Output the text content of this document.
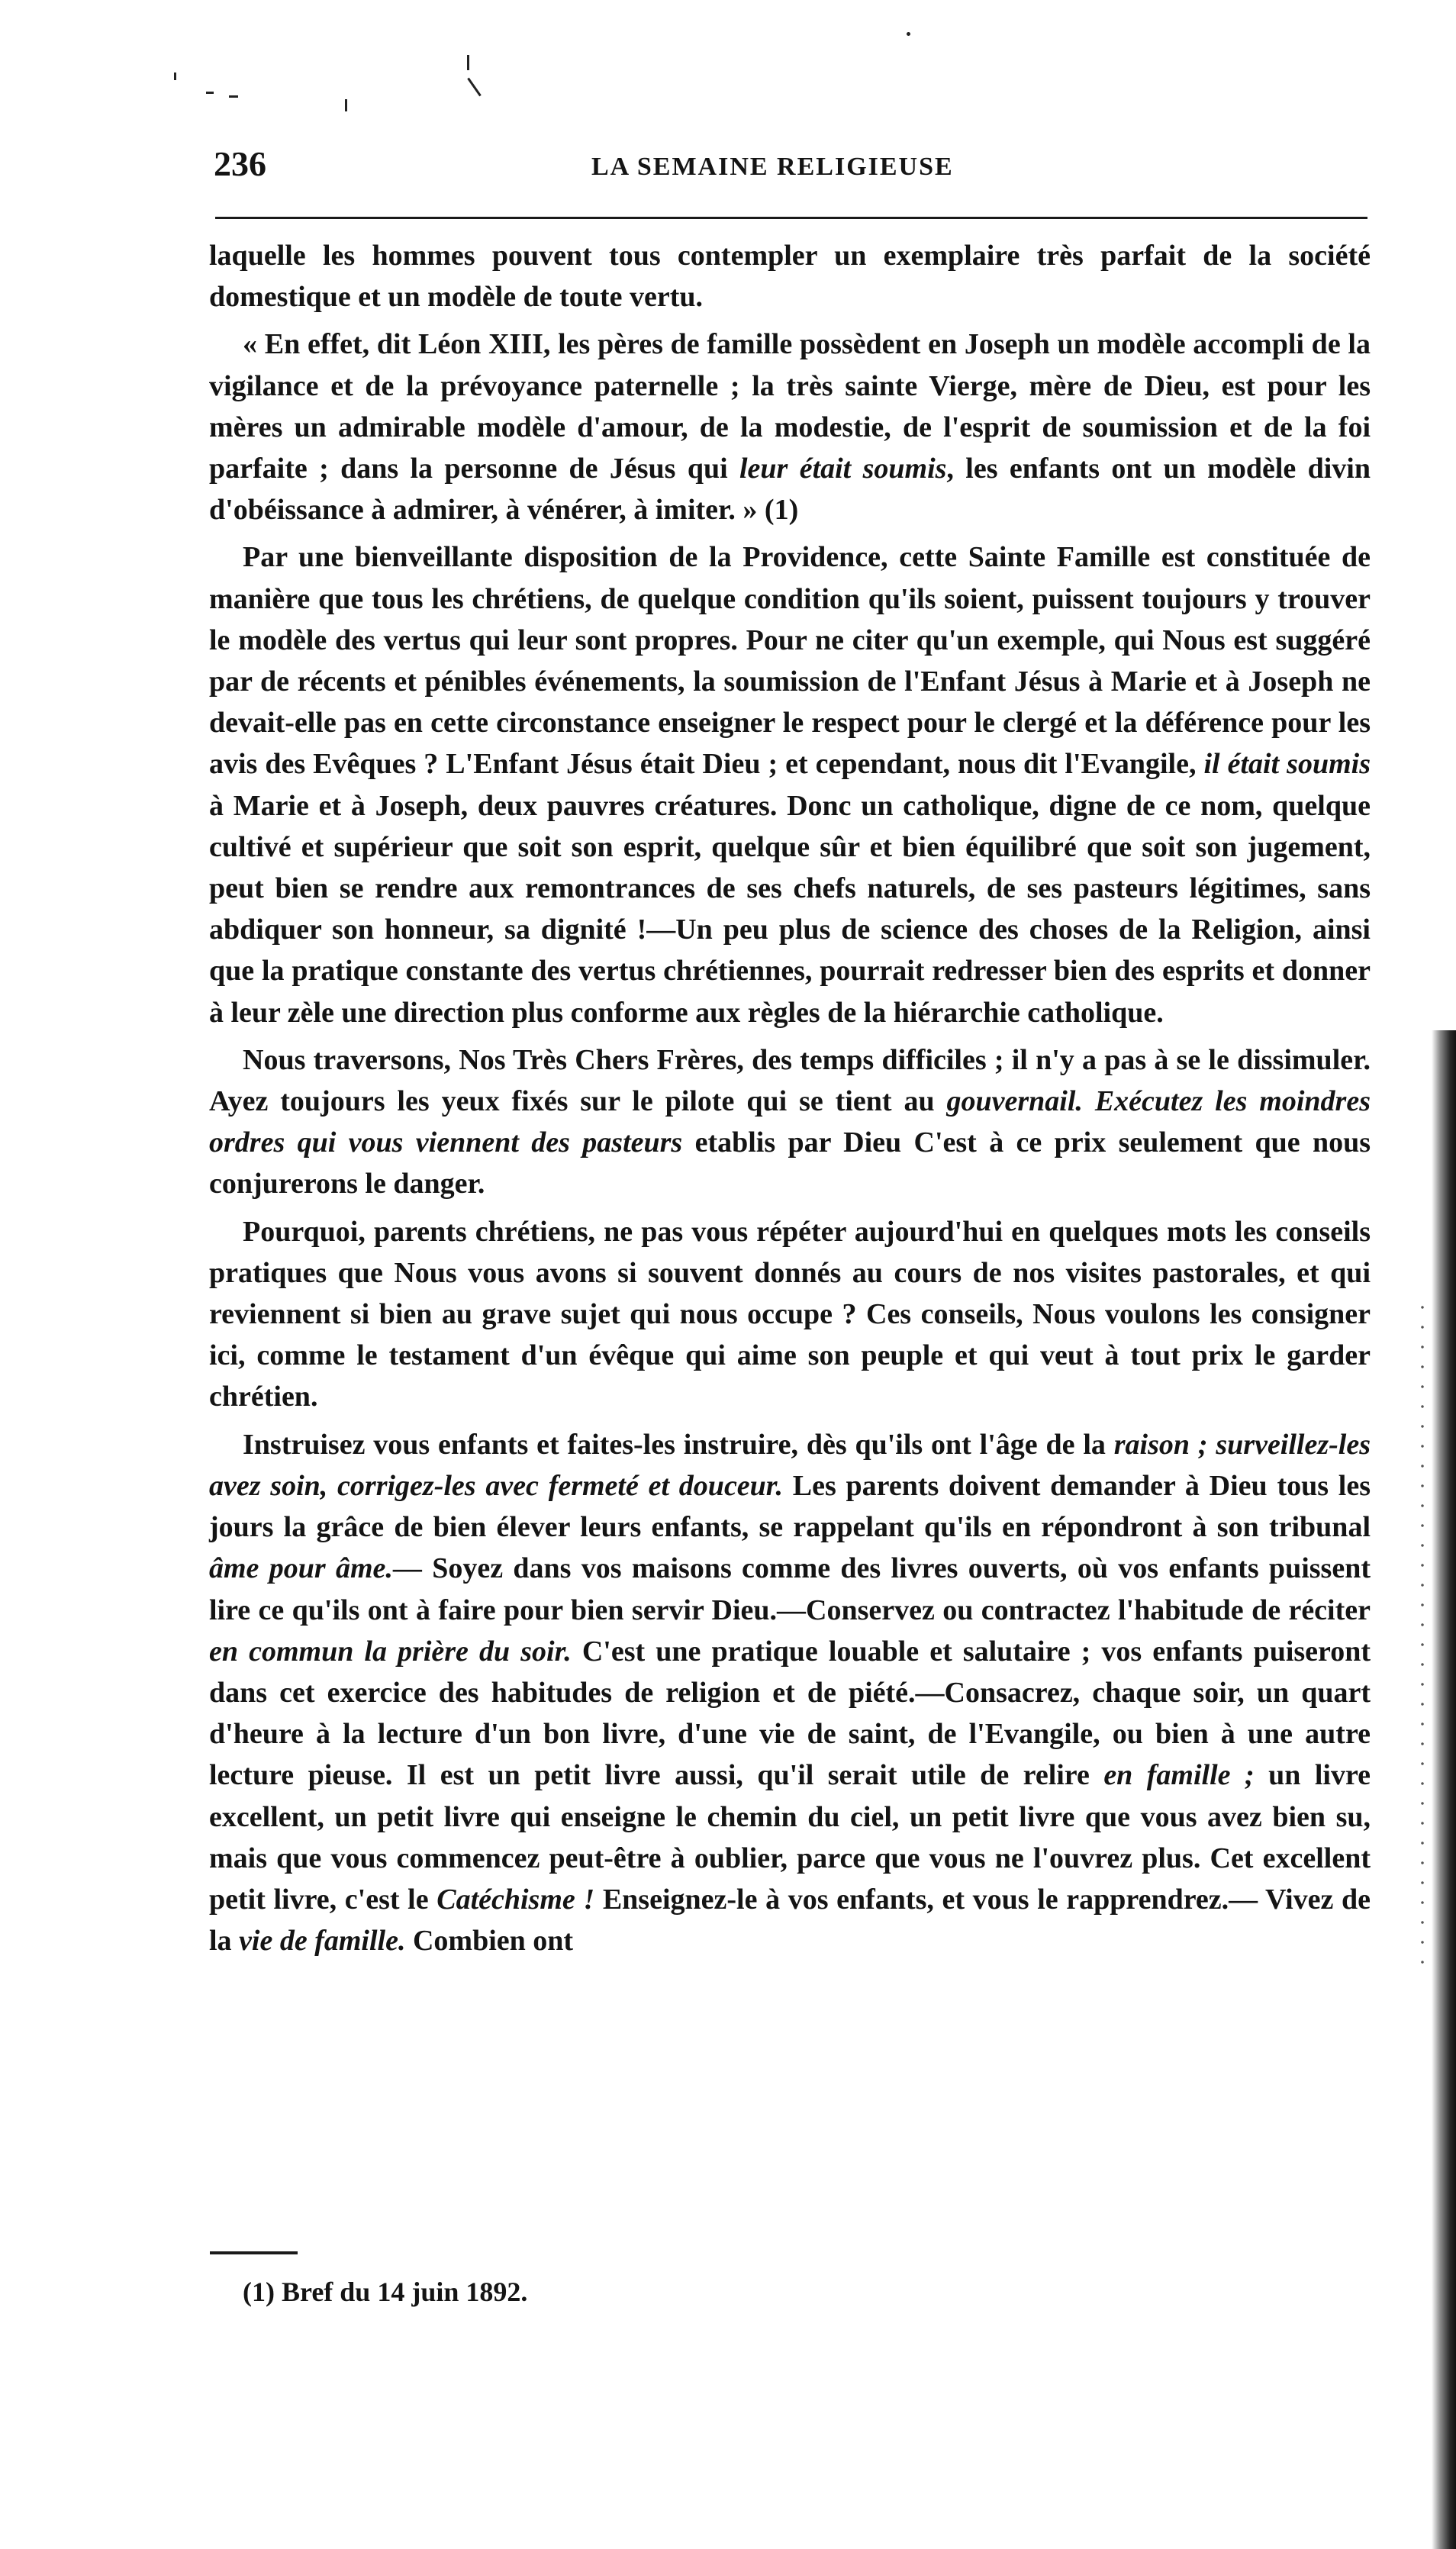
236	LA SEMAINE RELIGIEUSE

laquelle les hommes pouvent tous contempler un exemplaire très parfait de la société domestique et un modèle de toute vertu.

« En effet, dit Léon XIII, les pères de famille possèdent en Joseph un modèle accompli de la vigilance et de la prévoyance paternelle ; la très sainte Vierge, mère de Dieu, est pour les mères un admirable modèle d'amour, de la modestie, de l'esprit de soumission et de la foi parfaite ; dans la personne de Jésus qui leur était soumis, les enfants ont un modèle divin d'obéissance à admirer, à vénérer, à imiter. » (1)

Par une bienveillante disposition de la Providence, cette Sainte Famille est constituée de manière que tous les chrétiens, de quelque condition qu'ils soient, puissent toujours y trouver le modèle des vertus qui leur sont propres. Pour ne citer qu'un exemple, qui Nous est suggéré par de récents et pénibles événements, la soumission de l'Enfant Jésus à Marie et à Joseph ne devait-elle pas en cette circonstance enseigner le respect pour le clergé et la déférence pour les avis des Evêques ? L'Enfant Jésus était Dieu ; et cependant, nous dit l'Evangile, il était soumis à Marie et à Joseph, deux pauvres créatures. Donc un catholique, digne de ce nom, quelque cultivé et supérieur que soit son esprit, quelque sûr et bien équilibré que soit son jugement, peut bien se rendre aux remontrances de ses chefs naturels, de ses pasteurs légitimes, sans abdiquer son honneur, sa dignité !—Un peu plus de science des choses de la Religion, ainsi que la pratique constante des vertus chrétiennes, pourrait redresser bien des esprits et donner à leur zèle une direction plus conforme aux règles de la hiérarchie catholique.

Nous traversons, Nos Très Chers Frères, des temps difficiles ; il n'y a pas à se le dissimuler. Ayez toujours les yeux fixés sur le pilote qui se tient au gouvernail. Exécutez les moindres ordres qui vous viennent des pasteurs etablis par Dieu C'est à ce prix seulement que nous conjurerons le danger.

Pourquoi, parents chrétiens, ne pas vous répéter aujourd'hui en quelques mots les conseils pratiques que Nous vous avons si souvent donnés au cours de nos visites pastorales, et qui reviennent si bien au grave sujet qui nous occupe ? Ces conseils, Nous voulons les consigner ici, comme le testament d'un évêque qui aime son peuple et qui veut à tout prix le garder chrétien.

Instruisez vous enfants et faites-les instruire, dès qu'ils ont l'âge de la raison ; surveillez-les avez soin, corrigez-les avec fermeté et douceur. Les parents doivent demander à Dieu tous les jours la grâce de bien élever leurs enfants, se rappelant qu'ils en répondront à son tribunal âme pour âme.— Soyez dans vos maisons comme des livres ouverts, où vos enfants puissent lire ce qu'ils ont à faire pour bien servir Dieu.—Conservez ou contractez l'habitude de réciter en commun la prière du soir. C'est une pratique louable et salutaire ; vos enfants puiseront dans cet exercice des habitudes de religion et de piété.—Consacrez, chaque soir, un quart d'heure à la lecture d'un bon livre, d'une vie de saint, de l'Evangile, ou bien à une autre lecture pieuse. Il est un petit livre aussi, qu'il serait utile de relire en famille ; un livre excellent, un petit livre qui enseigne le chemin du ciel, un petit livre que vous avez bien su, mais que vous commencez peut-être à oublier, parce que vous ne l'ouvrez plus. Cet excellent petit livre, c'est le Catéchisme ! Enseignez-le à vos enfants, et vous le rapprendrez.— Vivez de la vie de famille. Combien ont

(1) Bref du 14 juin 1892.
